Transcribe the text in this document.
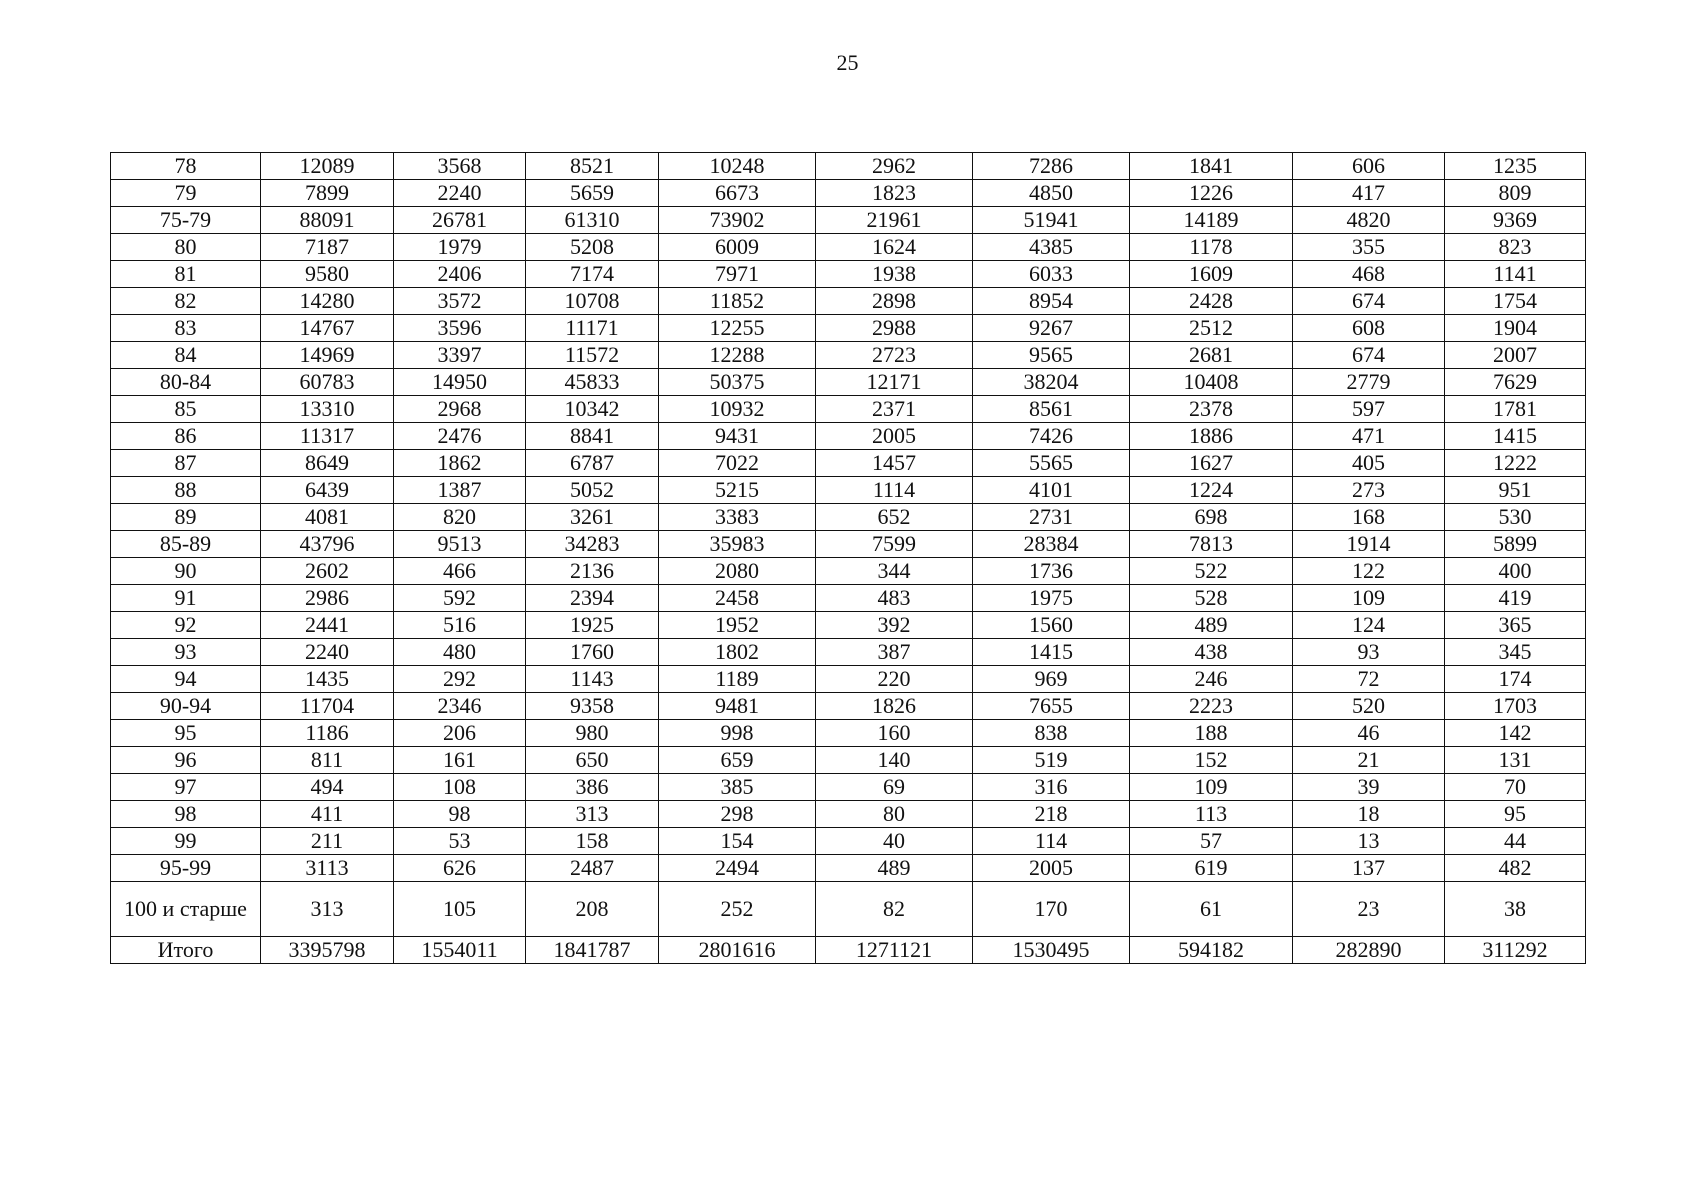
25
78	12089	3568	8521	10248	2962	7286	1841	606	1235
79	7899	2240	5659	6673	1823	4850	1226	417	809
75-79	88091	26781	61310	73902	21961	51941	14189	4820	9369
80	7187	1979	5208	6009	1624	4385	1178	355	823
81	9580	2406	7174	7971	1938	6033	1609	468	1141
82	14280	3572	10708	11852	2898	8954	2428	674	1754
83	14767	3596	11171	12255	2988	9267	2512	608	1904
84	14969	3397	11572	12288	2723	9565	2681	674	2007
80-84	60783	14950	45833	50375	12171	38204	10408	2779	7629
85	13310	2968	10342	10932	2371	8561	2378	597	1781
86	11317	2476	8841	9431	2005	7426	1886	471	1415
87	8649	1862	6787	7022	1457	5565	1627	405	1222
88	6439	1387	5052	5215	1114	4101	1224	273	951
89	4081	820	3261	3383	652	2731	698	168	530
85-89	43796	9513	34283	35983	7599	28384	7813	1914	5899
90	2602	466	2136	2080	344	1736	522	122	400
91	2986	592	2394	2458	483	1975	528	109	419
92	2441	516	1925	1952	392	1560	489	124	365
93	2240	480	1760	1802	387	1415	438	93	345
94	1435	292	1143	1189	220	969	246	72	174
90-94	11704	2346	9358	9481	1826	7655	2223	520	1703
95	1186	206	980	998	160	838	188	46	142
96	811	161	650	659	140	519	152	21	131
97	494	108	386	385	69	316	109	39	70
98	411	98	313	298	80	218	113	18	95
99	211	53	158	154	40	114	57	13	44
95-99	3113	626	2487	2494	489	2005	619	137	482
100 и старше	313	105	208	252	82	170	61	23	38
Итого	3395798	1554011	1841787	2801616	1271121	1530495	594182	282890	311292
